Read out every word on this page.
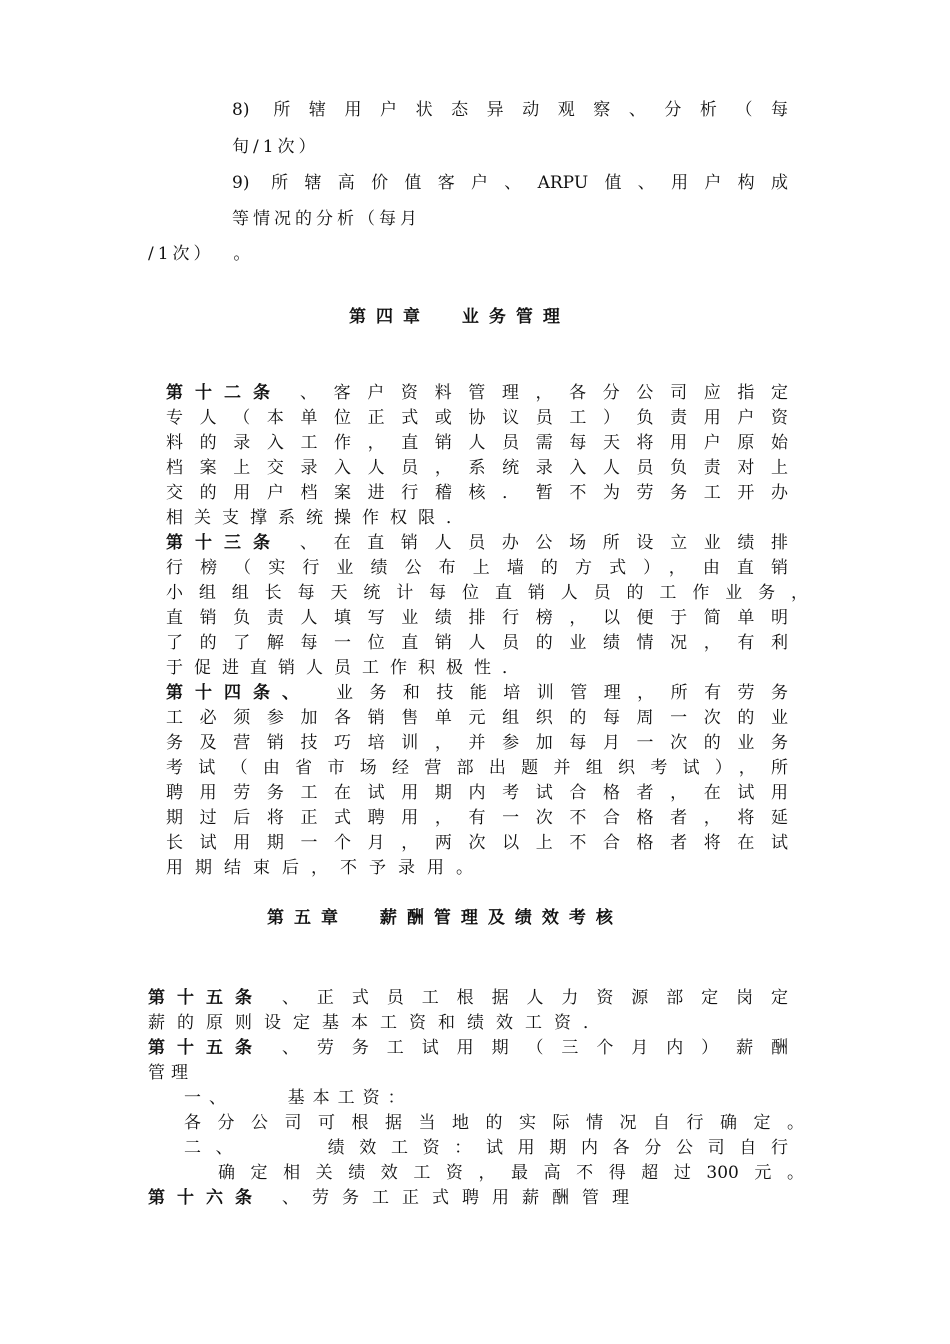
8) 所辖用户状态异动观察、分析（每
旬/1次）
9) 所辖高价值客户、ARPU值、用户构成
等情况的分析（每月
/1次）  。
第四章  业务管理
第十二条 、客户资料管理，各分公司应指定
专人（本单位正式或协议员工）负责用户资
料的录入工作，直销人员需每天将用户原始
档案上交录入人员，系统录入人员负责对上
交的用户档案进行稽核．暂不为劳务工开办
相关支撑系统操作权限．
第十三条 、在直销人员办公场所设立业绩排
行榜（实行业绩公布上墙的方式），由直销
小组组长每天统计每位直销人员的工作业务，
直销负责人填写业绩排行榜，以便于简单明
了的了解每一位直销人员的业绩情况，有利
于促进直销人员工作积极性．
第十四条、 业务和技能培训管理，所有劳务
工必须参加各销售单元组织的每周一次的业
务及营销技巧培训，并参加每月一次的业务
考试（由省市场经营部出题并组织考试），所
聘用劳务工在试用期内考试合格者，在试用
期过后将正式聘用，有一次不合格者，将延
长试用期一个月，两次以上不合格者将在试
用期结束后，不予录用。
第五章  薪酬管理及绩效考核
第十五条 、正式员工根据人力资源部定岗定
薪的原则设定基本工资和绩效工资．
第十五条 、劳务工试用期（三个月内）薪酬
管理
一、    基本工资：
各分公司可根据当地的实际情况自行确定。
二、    绩效工资：试用期内各分公司自行
确定相关绩效工资，最高不得超过300元。
第十六条 、劳务工正式聘用薪酬管理
